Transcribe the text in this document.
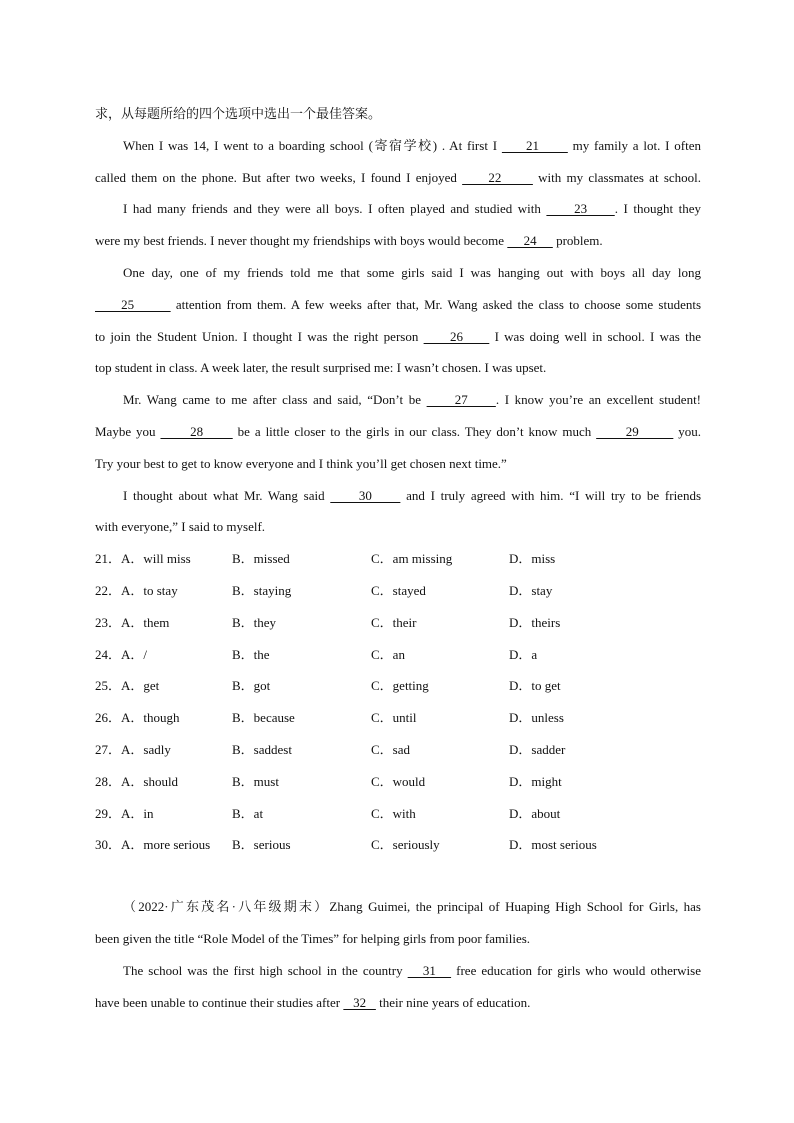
求，从每题所给的四个选项中选出一个最佳答案。
When I was 14, I went to a boarding school (寄宿学校) . At first I      21       my family a lot. I often
called them on the phone. But after two weeks, I found I enjoyed      22       with my classmates at school.
I had many friends and they were all boys. I often played and studied with      23     . I thought they
were my best friends. I never thought my friendships with boys would become      24      problem.
One day, one of my friends told me that some girls said I was hanging out with boys all day long
25        attention from them. A few weeks after that, Mr. Wang asked the class to choose some students
to join the Student Union. I thought I was the right person      26      I was doing well in school. I was the
top student in class. A week later, the result surprised me: I wasn’t chosen. I was upset.
Mr. Wang came to me after class and said, “Don’t be      27     . I know you’re an excellent student!
Maybe you       28       be a little closer to the girls in our class. They don’t know much       29        you.
Try your best to get to know everyone and I think you’ll get chosen next time.”
I thought about what Mr. Wang said      30      and I truly agreed with him. “I will try to be friends
with everyone,” I said to myself.
21． A．will miss	B．missed	C．am missing	D．miss
22． A．to stay	B．staying	C．stayed	D．stay
23． A．them	B．they	C．their	D．theirs
24． A．/	B．the	C．an	D．a
25． A．get	B．got	C．getting	D．to get
26． A．though	B．because	C．until	D．unless
27． A．sadly	B．saddest	C．sad	D．sadder
28． A．should	B．must	C．would	D．might
29． A．in	B．at	C．with	D．about
30． A．more serious B．serious	C．seriously	D．most serious
（2022·广东茂名·八年级期末）Zhang Guimei, the principal of Huaping High School for Girls, has
been given the title “Role Model of the Times” for helping girls from poor families.
The school was the first high school in the country    31    free education for girls who would otherwise
have been unable to continue their studies after    32    their nine years of education.
